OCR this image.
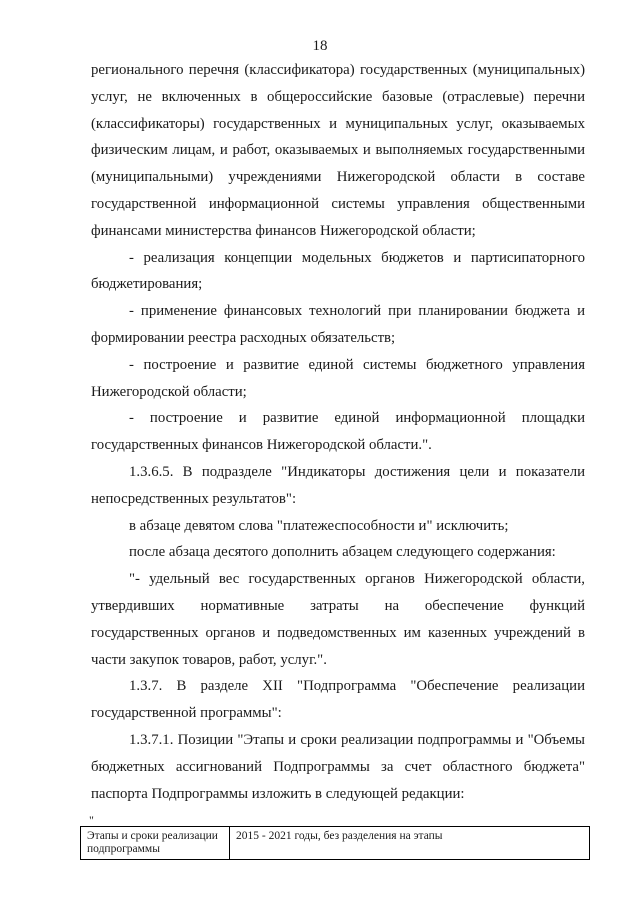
18

регионального перечня (классификатора) государственных (муниципальных) услуг, не включенных в общероссийские базовые (отраслевые) перечни (классификаторы) государственных и муниципальных услуг, оказываемых физическим лицам, и работ, оказываемых и выполняемых государственными (муниципальными) учреждениями Нижегородской области в составе государственной информационной системы управления общественными финансами министерства финансов Нижегородской области;

- реализация концепции модельных бюджетов и партисипаторного бюджетирования;

- применение финансовых технологий при планировании бюджета и формировании реестра расходных обязательств;

- построение и развитие единой системы бюджетного управления Нижегородской области;

- построение и развитие единой информационной площадки государственных финансов Нижегородской области.".

1.3.6.5. В подразделе "Индикаторы достижения цели и показатели непосредственных результатов":

в абзаце девятом слова "платежеспособности и" исключить;

после абзаца десятого дополнить абзацем следующего содержания:

"- удельный вес государственных органов Нижегородской области, утвердивших нормативные затраты на обеспечение функций государственных органов и подведомственных им казенных учреждений в части закупок товаров, работ, услуг.".

1.3.7. В разделе XII "Подпрограмма "Обеспечение реализации государственной программы":

1.3.7.1. Позиции "Этапы и сроки реализации подпрограммы и "Объемы бюджетных ассигнований Подпрограммы за счет областного бюджета" паспорта Подпрограммы изложить в следующей редакции:

"
Этапы и сроки реализации подпрограммы	2015 - 2021 годы, без разделения на этапы
